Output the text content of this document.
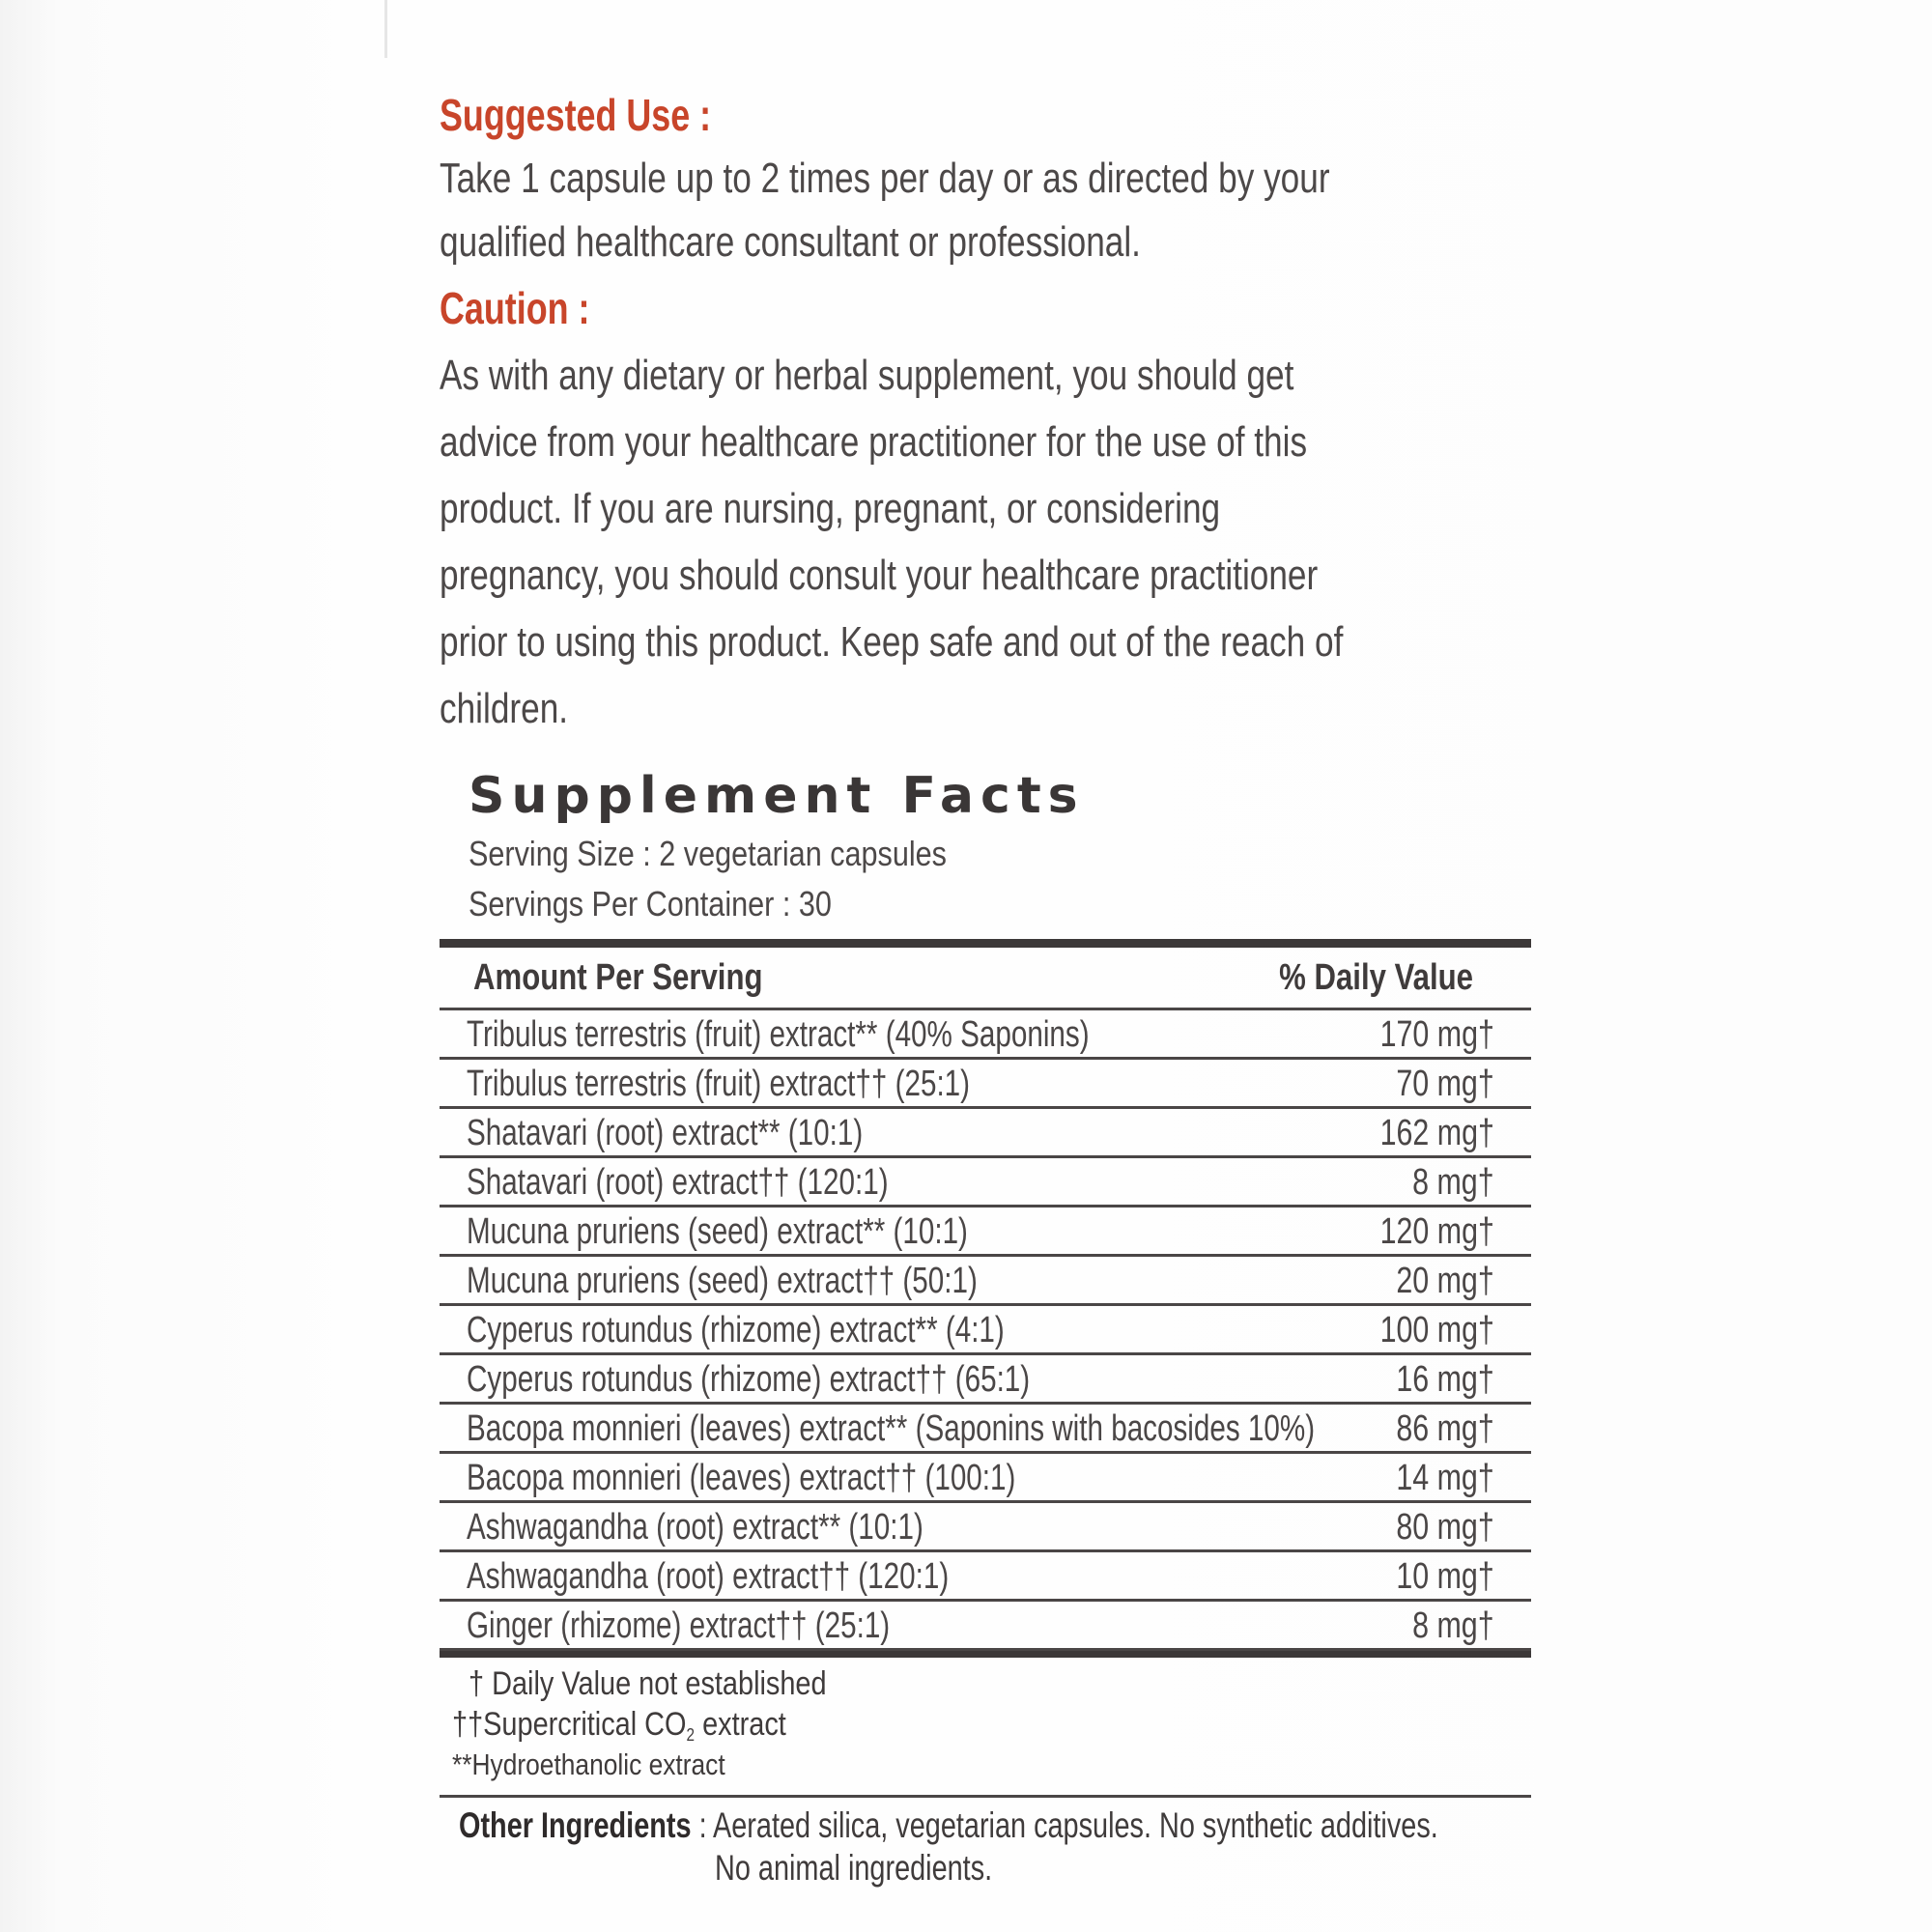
Suggested Use :
Take 1 capsule up to 2 times per day or as directed by your
qualified healthcare consultant or professional.
Caution :
As with any dietary or herbal supplement, you should get
advice from your healthcare practitioner for the use of this
product. If you are nursing, pregnant, or considering
pregnancy, you should consult your healthcare practitioner
prior to using this product. Keep safe and out of the reach of
children.
Supplement Facts
Serving Size : 2 vegetarian capsules
Servings Per Container : 30
Amount Per Serving	% Daily Value
Tribulus terrestris (fruit) extract** (40% Saponins)	170 mg†
Tribulus terrestris (fruit) extract†† (25:1)	70 mg†
Shatavari (root) extract** (10:1)	162 mg†
Shatavari (root) extract†† (120:1)	8 mg†
Mucuna pruriens (seed) extract** (10:1)	120 mg†
Mucuna pruriens (seed) extract†† (50:1)	20 mg†
Cyperus rotundus (rhizome) extract** (4:1)	100 mg†
Cyperus rotundus (rhizome) extract†† (65:1)	16 mg†
Bacopa monnieri (leaves) extract** (Saponins with bacosides 10%) 86 mg†
Bacopa monnieri (leaves) extract†† (100:1)	14 mg†
Ashwagandha (root) extract** (10:1)	80 mg†
Ashwagandha (root) extract†† (120:1)	10 mg†
Ginger (rhizome) extract†† (25:1)	8 mg†
† Daily Value not established
††Supercritical CO2 extract
**Hydroethanolic extract
Other Ingredients : Aerated silica, vegetarian capsules. No synthetic additives.
No animal ingredients.
